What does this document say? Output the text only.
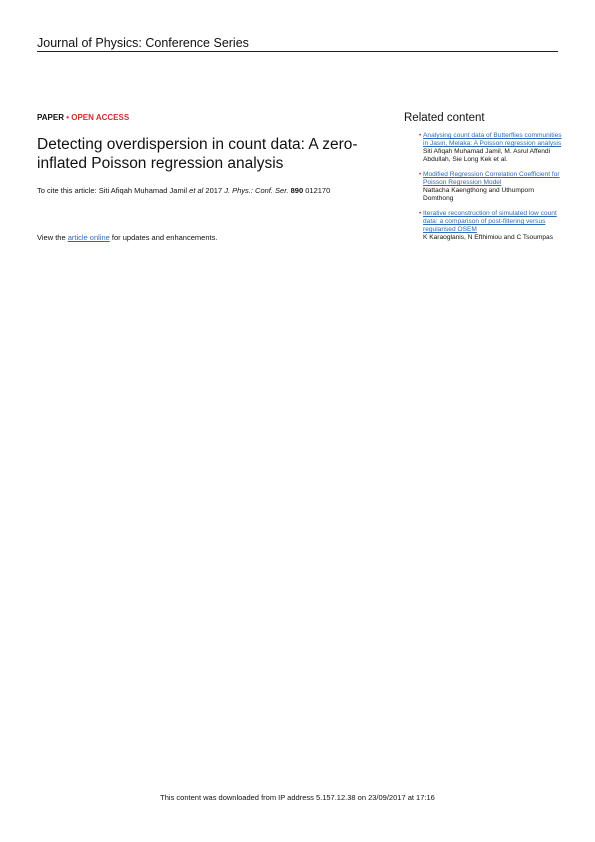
Journal of Physics: Conference Series
PAPER • OPEN ACCESS
Detecting overdispersion in count data: A zero-
inflated Poisson regression analysis
To cite this article: Siti Afiqah Muhamad Jamil et al 2017 J. Phys.: Conf. Ser. 890 012170
View the article online for updates and enhancements.
Related content
• Analysing count data of Butterflies communities in Jasin, Melaka: A Poisson regression analysis
Siti Afiqah Muhamad Jamil, M. Asrul Affendi Abdullah, Sie Long Kek et al.
• Modified Regression Correlation Coefficient for Poisson Regression Model
Nattacha Kaengthong and Uthumporn Domthong
• Iterative reconstruction of simulated low count data: a comparison of post-filtering versus regularised OSEM
K Karaoglanis, N Efthimiou and C Tsoumpas
This content was downloaded from IP address 5.157.12.38 on 23/09/2017 at 17:16
